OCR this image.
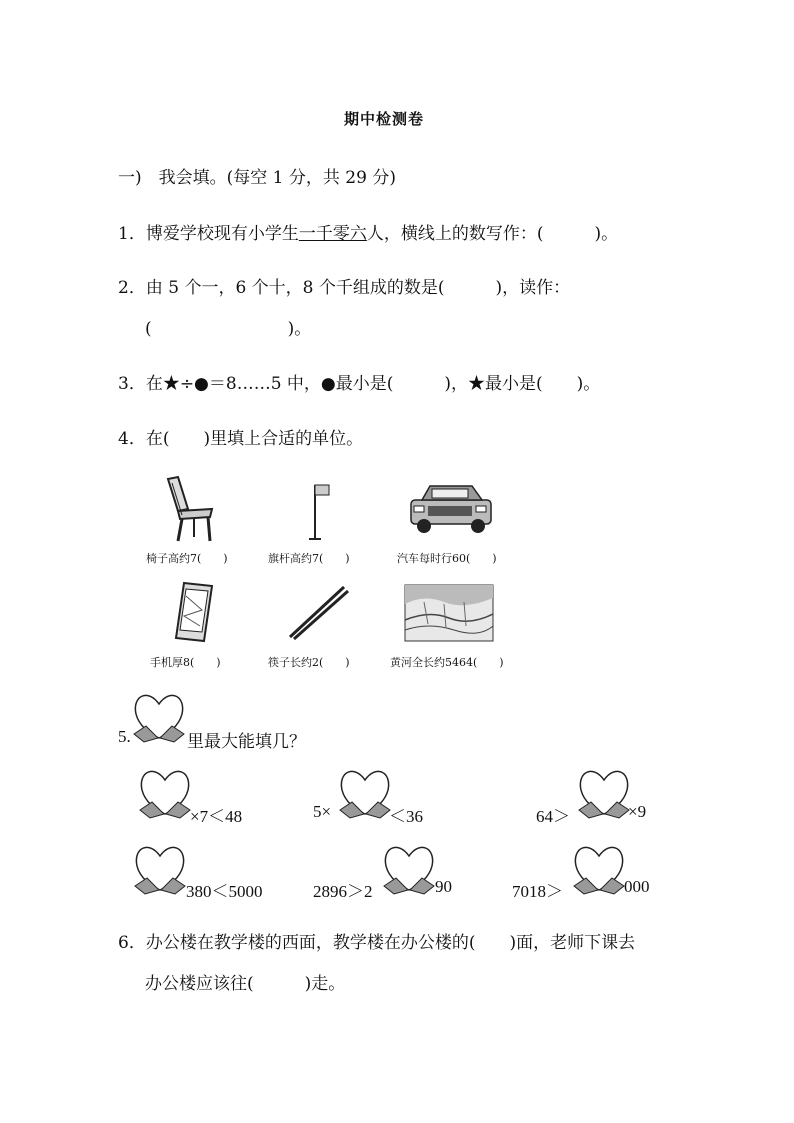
期中检测卷
一)　我会填。(每空 1 分，共 29 分)
1．博爱学校现有小学生一千零六人，横线上的数写作：(　　　)。
2．由 5 个一，6 个十，8 个千组成的数是(　　　)，读作：
(　　　　　　　　)。
3．在★÷●＝8……5 中，●最小是(　　　)，★最小是(　　)。
4．在(　　)里填上合适的单位。
椅子高约7(　　)	旗杆高约7(　　)	汽车每时行60(　　)
手机厚8(　　)	筷子长约2(　　)	黄河全长约5464(　　)
5.	里最大能填几？
×7＜48	5×	＜36	64＞	×9
380＜5000	2896＞2	90	7018＞	000
6．办公楼在教学楼的西面，教学楼在办公楼的(　　)面，老师下课去
办公楼应该往(　　　)走。
